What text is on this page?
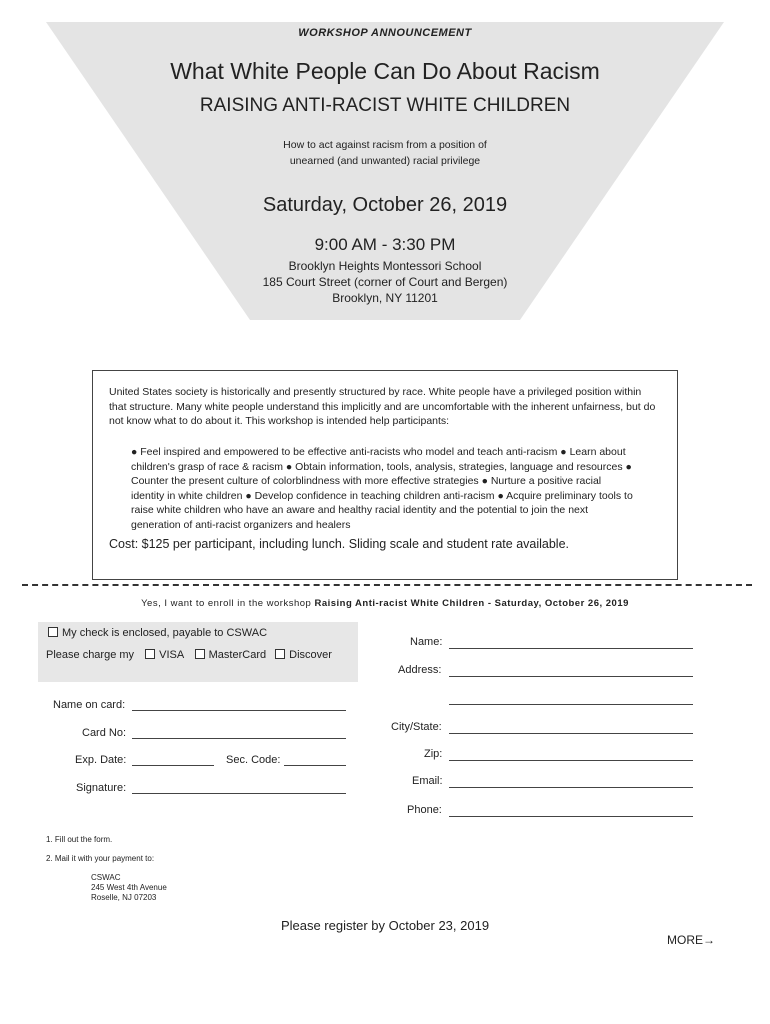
WORKSHOP ANNOUNCEMENT
What White People Can Do About Racism
RAISING ANTI-RACIST WHITE CHILDREN
How to act against racism from a position of
unearned (and unwanted) racial privilege
Saturday, October 26, 2019
9:00 AM - 3:30 PM
Brooklyn Heights Montessori School
185 Court Street (corner of Court and Bergen)
Brooklyn, NY 11201
United States society is historically and presently structured by race. White people have a privileged position within that structure. Many white people understand this implicitly and are uncomfortable with the inherent unfairness, but do not know what to do about it. This workshop is intended help participants:
● Feel inspired and empowered to be effective anti-racists who model and teach anti-racism ● Learn about children's grasp of race & racism ● Obtain information, tools, analysis, strategies, language and resources ● Counter the present culture of colorblindness with more effective strategies ● Nurture a positive racial identity in white children ● Develop confidence in teaching children anti-racism ● Acquire preliminary tools to raise white children who have an aware and healthy racial identity and the potential to join the next generation of anti-racist organizers and healers
Cost: $125 per participant, including lunch. Sliding scale and student rate available.
Yes, I want to enroll in the workshop Raising Anti-racist White Children - Saturday, October 26, 2019
My check is enclosed, payable to CSWAC
Please charge my VISA MasterCard Discover
Name on card:
Card No:
Exp. Date:	Sec. Code:
Signature:
Name:
Address:
City/State:
Zip:
Email:
Phone:
1. Fill out the form.
2. Mail it with your payment to:
CSWAC
245 West 4th Avenue
Roselle, NJ 07203
Please register by October 23, 2019
MORE→
